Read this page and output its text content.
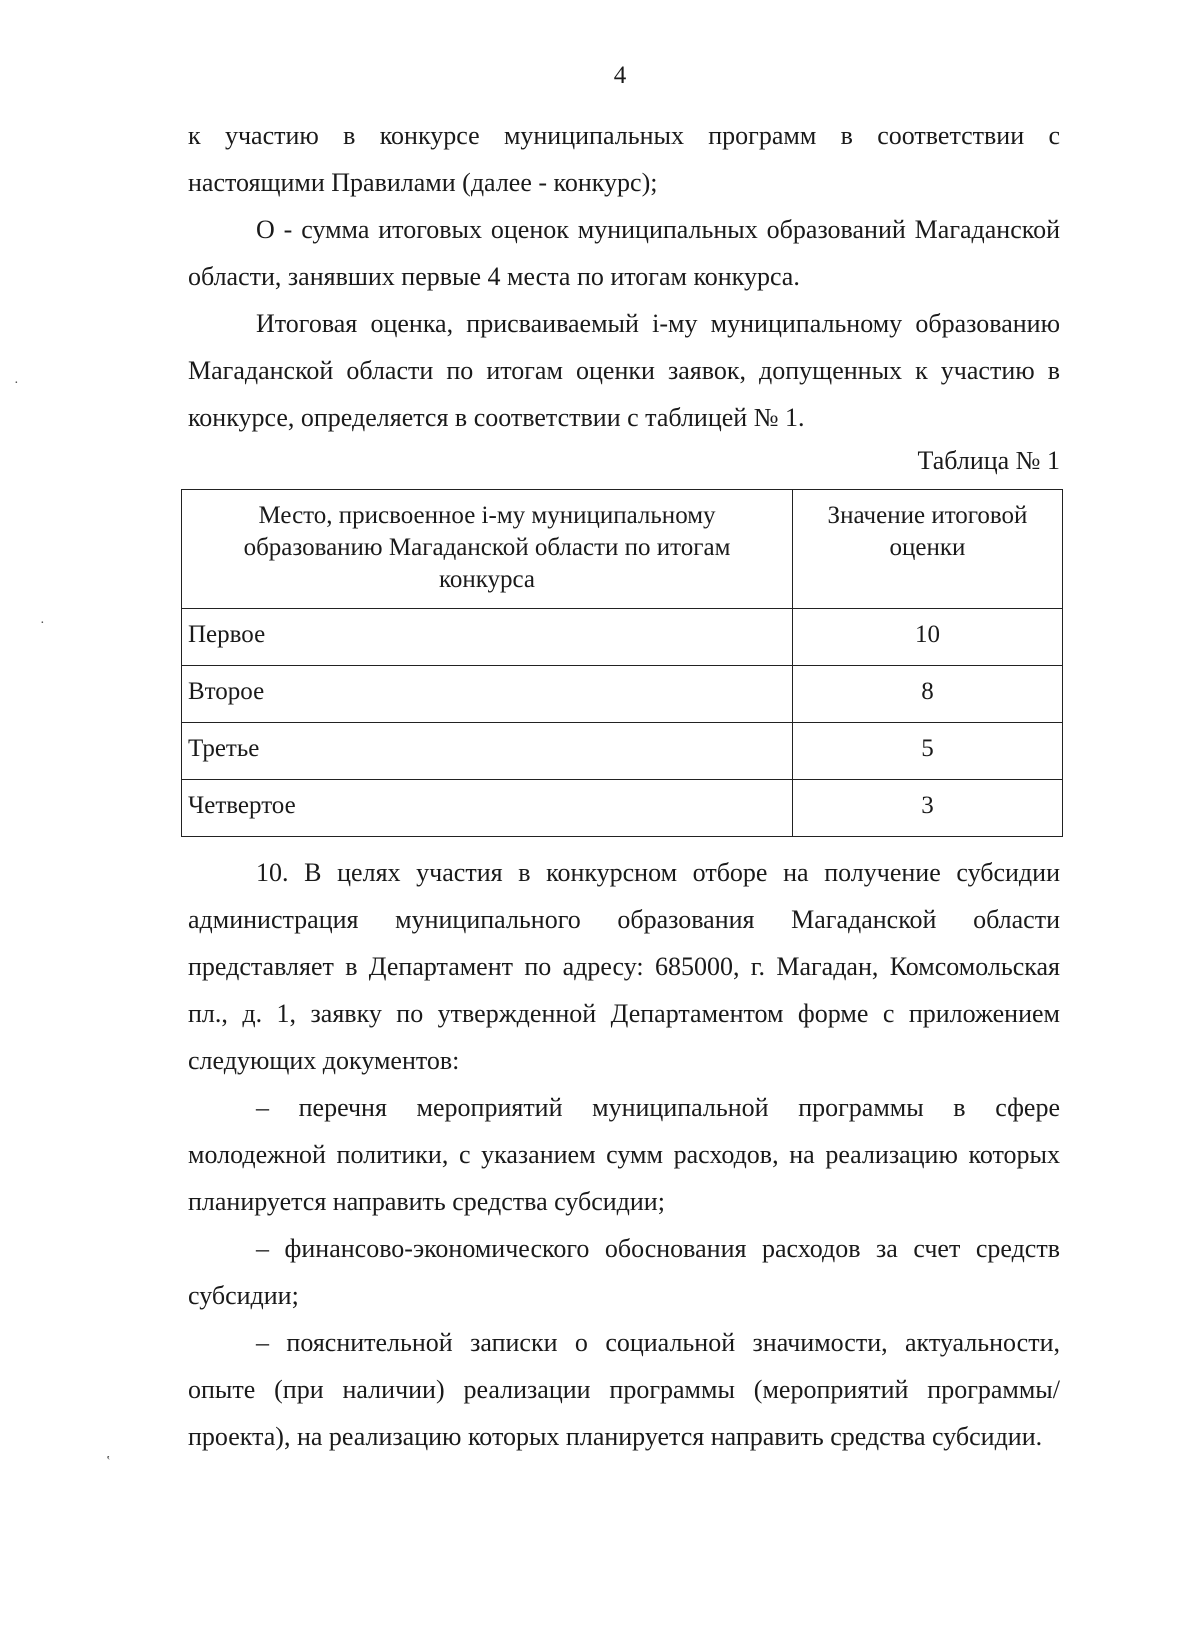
4
·
·
‛

к участию в конкурсе муниципальных программ в соответствии с настоящими Правилами (далее - конкурс);

О - сумма итоговых оценок муниципальных образований Магаданской области, занявших первые 4 места по итогам конкурса.

Итоговая оценка, присваиваемый i-му муниципальному образованию Магаданской области по итогам оценки заявок, допущенных к участию в конкурсе, определяется в соответствии с таблицей № 1.

Таблица № 1

Место, присвоенное i-му муниципальному образованию Магаданской области по итогам конкурса	Значение итоговой оценки
Первое	10
Второе	8
Третье	5
Четвертое	3

10. В целях участия в конкурсном отборе на получение субсидии администрация муниципального образования Магаданской области представляет в Департамент по адресу: 685000, г. Магадан, Комсомольская пл., д. 1, заявку по утвержденной Департаментом форме с приложением следующих документов:

– перечня мероприятий муниципальной программы в сфере молодежной политики, с указанием сумм расходов, на реализацию которых планируется направить средства субсидии;

– финансово-экономического обоснования расходов за счет средств субсидии;

– пояснительной записки о социальной значимости, актуальности, опыте (при наличии) реализации программы (мероприятий программы/проекта), на реализацию которых планируется направить средства субсидии.
